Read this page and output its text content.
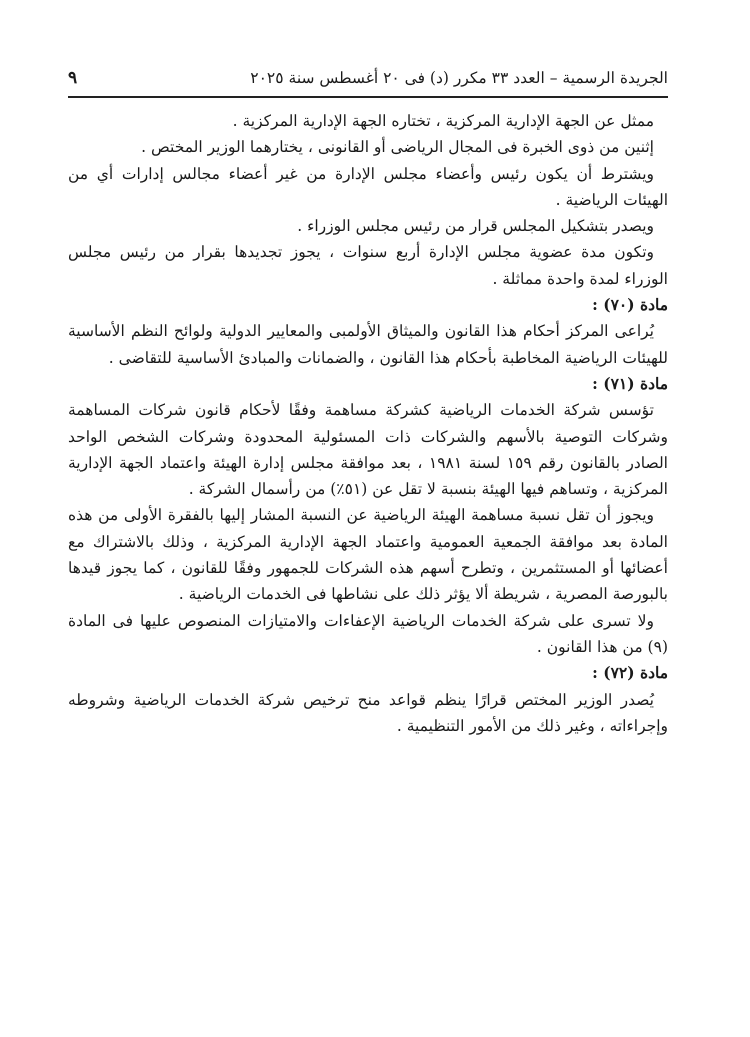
الجريدة الرسمية – العدد ٣٣ مكرر (د) فى ٢٠ أغسطس سنة ٢٠٢٥
٩

ممثل عن الجهة الإدارية المركزية ، تختاره الجهة الإدارية المركزية .

إثنين من ذوى الخبرة فى المجال الرياضى أو القانونى ، يختارهما الوزير المختص .

ويشترط أن يكون رئيس وأعضاء مجلس الإدارة من غير أعضاء مجالس إدارات أي من الهيئات الرياضية .

ويصدر بتشكيل المجلس قرار من رئيس مجلس الوزراء .

وتكون مدة عضوية مجلس الإدارة أربع سنوات ، يجوز تجديدها بقرار من رئيس مجلس الوزراء لمدة واحدة مماثلة .

مادة (٧٠) :

يُراعى المركز أحكام هذا القانون والميثاق الأولمبى والمعايير الدولية ولوائح النظم الأساسية للهيئات الرياضية المخاطبة بأحكام هذا القانون ، والضمانات والمبادئ الأساسية للتقاضى .

مادة (٧١) :

تؤسس شركة الخدمات الرياضية كشركة مساهمة وفقًا لأحكام قانون شركات المساهمة وشركات التوصية بالأسهم والشركات ذات المسئولية المحدودة وشركات الشخص الواحد الصادر بالقانون رقم ١٥٩ لسنة ١٩٨١ ، بعد موافقة مجلس إدارة الهيئة واعتماد الجهة الإدارية المركزية ، وتساهم فيها الهيئة بنسبة لا تقل عن (٥١٪) من رأسمال الشركة .

ويجوز أن تقل نسبة مساهمة الهيئة الرياضية عن النسبة المشار إليها بالفقرة الأولى من هذه المادة بعد موافقة الجمعية العمومية واعتماد الجهة الإدارية المركزية ، وذلك بالاشتراك مع أعضائها أو المستثمرين ، وتطرح أسهم هذه الشركات للجمهور وفقًا للقانون ، كما يجوز قيدها بالبورصة المصرية ، شريطة ألا يؤثر ذلك على نشاطها فى الخدمات الرياضية .

ولا تسرى على شركة الخدمات الرياضية الإعفاءات والامتيازات المنصوص عليها فى المادة (٩) من هذا القانون .

مادة (٧٢) :

يُصدر الوزير المختص قرارًا ينظم قواعد منح ترخيص شركة الخدمات الرياضية وشروطه وإجراءاته ، وغير ذلك من الأمور التنظيمية .
